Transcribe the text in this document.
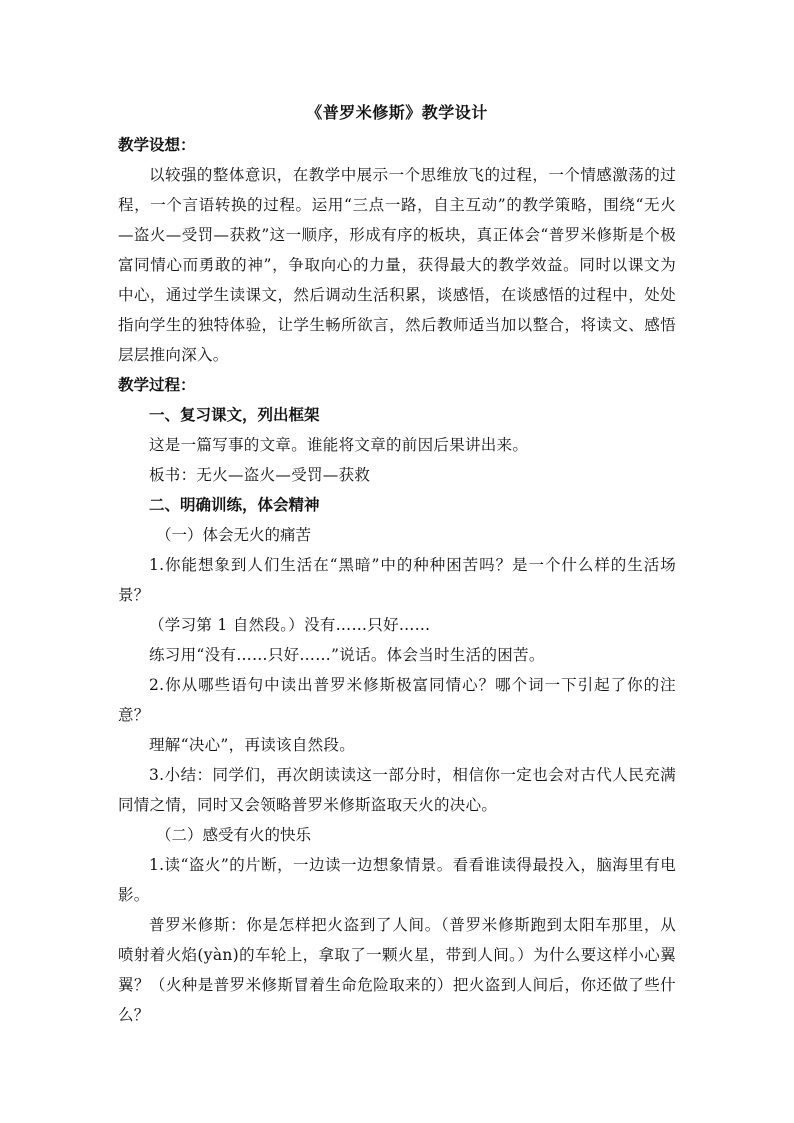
《普罗米修斯》教学设计

教学设想：

以较强的整体意识，在教学中展示一个思维放飞的过程，一个情感激荡的过程，一个言语转换的过程。运用“三点一路，自主互动”的教学策略，围绕“无火—盗火—受罚—获救”这一顺序，形成有序的板块，真正体会“普罗米修斯是个极富同情心而勇敢的神”，争取向心的力量，获得最大的教学效益。同时以课文为中心，通过学生读课文，然后调动生活积累，谈感悟，在谈感悟的过程中，处处指向学生的独特体验，让学生畅所欲言，然后教师适当加以整合，将读文、感悟层层推向深入。

教学过程：

一、复习课文，列出框架

这是一篇写事的文章。谁能将文章的前因后果讲出来。

板书：无火—盗火—受罚—获救

二、明确训练，体会精神

（一）体会无火的痛苦

1.你能想象到人们生活在“黑暗”中的种种困苦吗？是一个什么样的生活场景？

（学习第 1 自然段。）没有……只好……

练习用“没有……只好……”说话。体会当时生活的困苦。

2.你从哪些语句中读出普罗米修斯极富同情心？哪个词一下引起了你的注意？

理解“决心”，再读该自然段。

3.小结：同学们，再次朗读读这一部分时，相信你一定也会对古代人民充满同情之情，同时又会领略普罗米修斯盗取天火的决心。

（二）感受有火的快乐

1.读“盗火”的片断，一边读一边想象情景。看看谁读得最投入，脑海里有电影。

普罗米修斯：你是怎样把火盗到了人间。（普罗米修斯跑到太阳车那里，从喷射着火焰(yàn)的车轮上，拿取了一颗火星，带到人间。）为什么要这样小心翼翼？（火种是普罗米修斯冒着生命危险取来的）把火盗到人间后，你还做了些什么？
